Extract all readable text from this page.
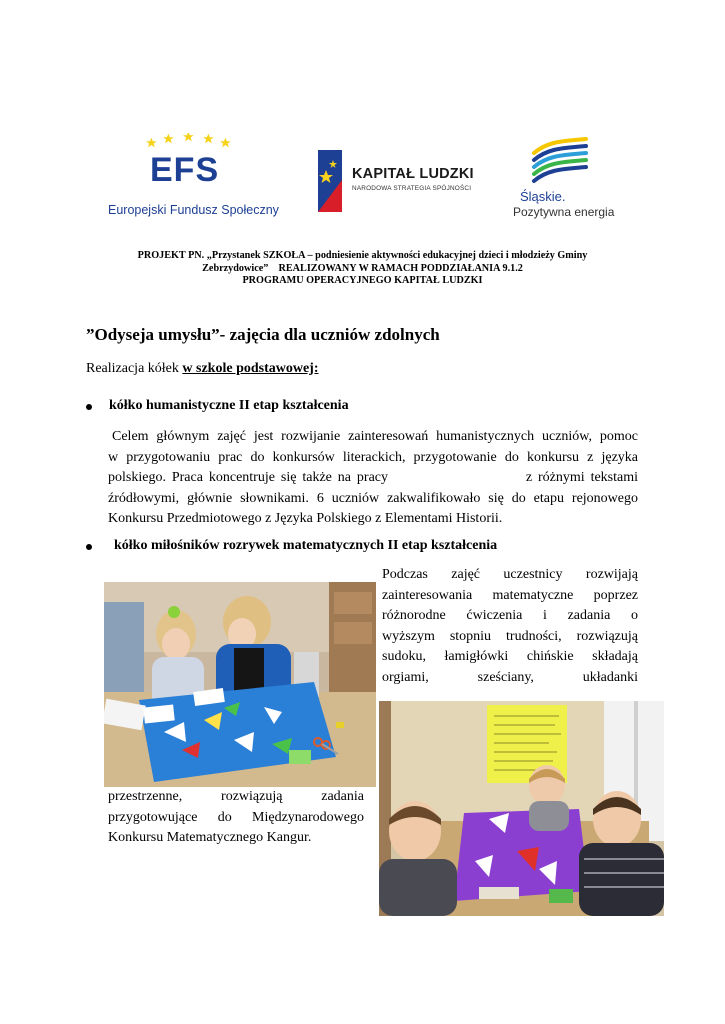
EFS
Europejski Fundusz Społeczny
KAPITAŁ LUDZKI
NARODOWA STRATEGIA SPÓJNOŚCI
Śląskie.
Pozytywna energia
PROJEKT PN. „Przystanek SZKOŁA – podniesienie aktywności edukacyjnej dzieci i młodzieży Gminy
Zebrzydowice”    REALIZOWANY W RAMACH PODDZIAŁANIA 9.1.2
PROGRAMU OPERACYJNEGO KAPITAŁ LUDZKI
”Odyseja umysłu”- zajęcia dla uczniów zdolnych
Realizacja kółek w szkole podstawowej:
kółko humanistyczne II etap kształcenia
Celem głównym zajęć jest rozwijanie zainteresowań humanistycznych uczniów, pomoc
w przygotowaniu prac do konkursów literackich, przygotowanie do konkursu z języka
polskiego. Praca koncentruje się także na pracy	z różnymi tekstami
źródłowymi, głównie słownikami. 6 uczniów zakwalifikowało się do etapu rejonowego
Konkursu Przedmiotowego z Języka Polskiego z Elementami Historii.
kółko miłośników rozrywek matematycznych II etap kształcenia
Podczas zajęć uczestnicy rozwijają
zainteresowania matematyczne poprzez
różnorodne ćwiczenia i zadania o
wyższym stopniu trudności, rozwiązują
sudoku, łamigłówki chińskie składają
orgiami, sześciany, układanki
przestrzenne, rozwiązują zadania
przygotowujące do Międzynarodowego
Konkursu Matematycznego Kangur.
